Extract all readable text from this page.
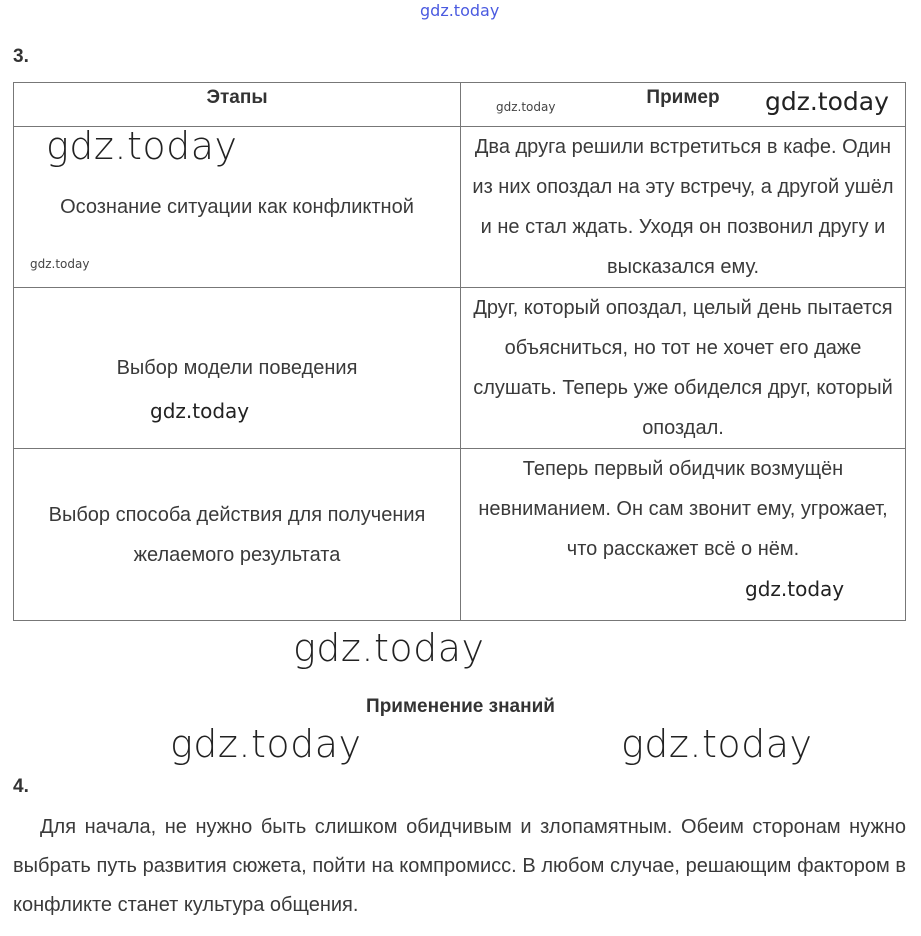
gdz.today
3.
Этапы	Пример
Осознание ситуации как конфликтной	Два друга решили встретиться в кафе. Один из них опоздал на эту встречу, а другой ушёл и не стал ждать. Уходя он позвонил другу и высказался ему.
Выбор модели поведения	Друг, который опоздал, целый день пытается объясниться, но тот не хочет его даже слушать. Теперь уже обиделся друг, который опоздал.
Выбор способа действия для получения желаемого результата	Теперь первый обидчик возмущён невниманием. Он сам звонит ему, угрожает, что расскажет всё о нём.
Применение знаний
4.
Для начала, не нужно быть слишком обидчивым и злопамятным. Обеим сторонам нужно выбрать путь развития сюжета, пойти на компромисс. В любом случае, решающим фактором в конфликте станет культура общения.
gdz.today	gdz.today
gdz.today
gdz.today
gdz.today
gdz.today
gdz.today
gdz.today	gdz.today
